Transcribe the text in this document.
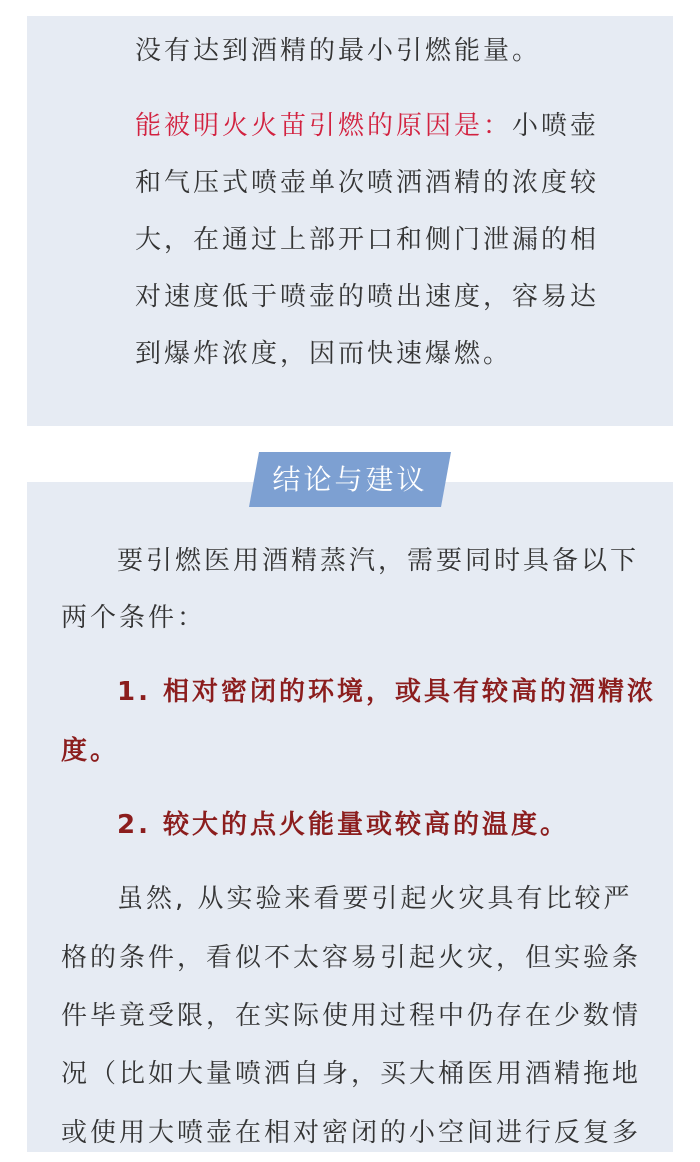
没有达到酒精的最小引燃能量。
能被明火火苗引燃的原因是：小喷壶
和气压式喷壶单次喷洒酒精的浓度较
大，在通过上部开口和侧门泄漏的相
对速度低于喷壶的喷出速度，容易达
到爆炸浓度，因而快速爆燃。
结论与建议
要引燃医用酒精蒸汽，需要同时具备以下
两个条件：
1. 相对密闭的环境，或具有较高的酒精浓
度。
2. 较大的点火能量或较高的温度。
虽然, 从实验来看要引起火灾具有比较严
格的条件，看似不太容易引起火灾，但实验条
件毕竟受限，在实际使用过程中仍存在少数情
况（比如大量喷洒自身，买大桶医用酒精拖地
或使用大喷壶在相对密闭的小空间进行反复多
